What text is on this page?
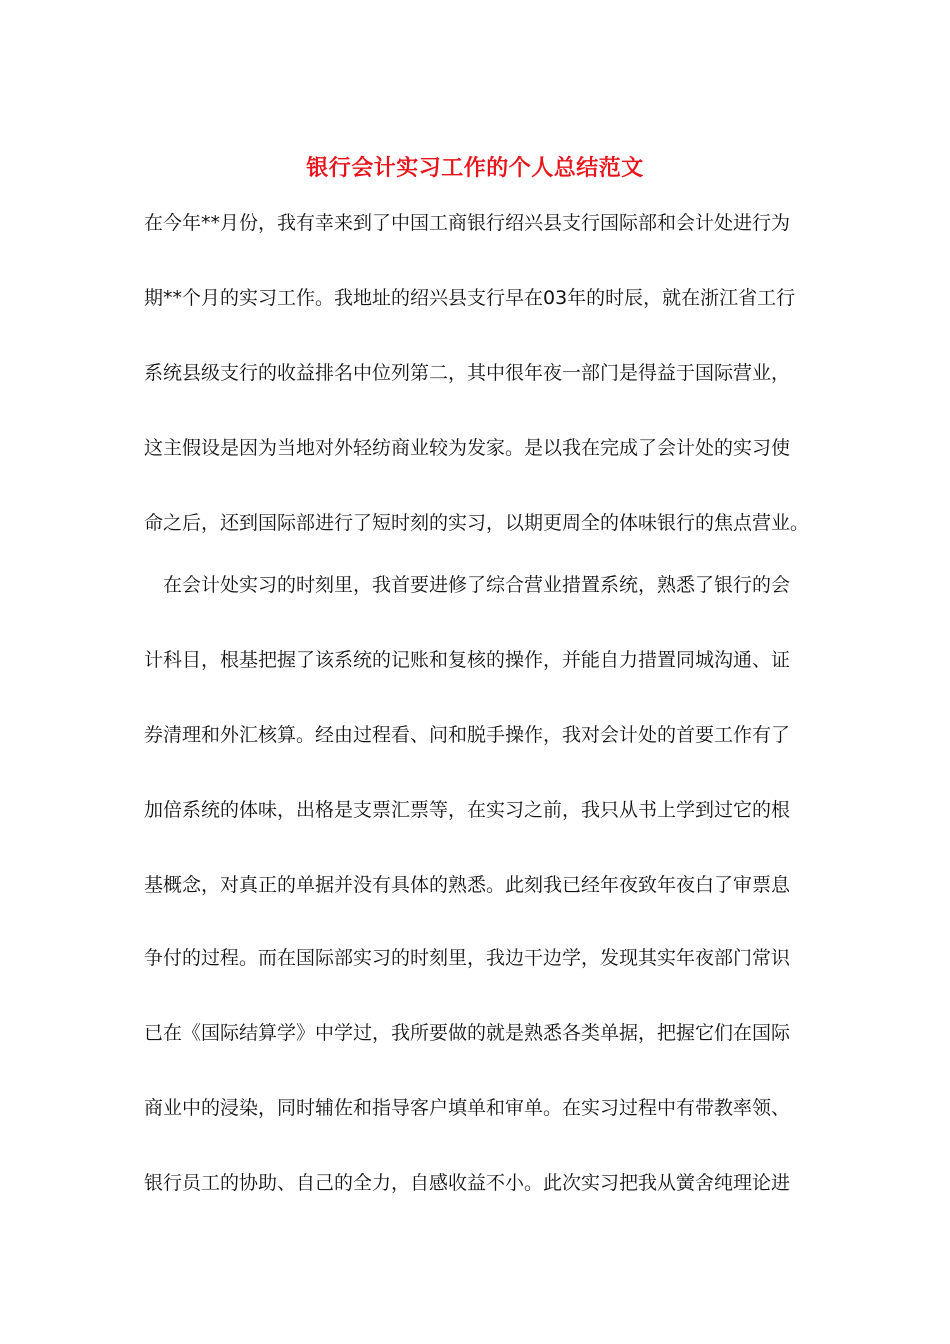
银行会计实习工作的个人总结范文
在今年**月份，我有幸来到了中国工商银行绍兴县支行国际部和会计处进行为
期**个月的实习工作。我地址的绍兴县支行早在03年的时辰，就在浙江省工行
系统县级支行的收益排名中位列第二，其中很年夜一部门是得益于国际营业，
这主假设是因为当地对外轻纺商业较为发家。是以我在完成了会计处的实习使
命之后，还到国际部进行了短时刻的实习，以期更周全的体味银行的焦点营业。
在会计处实习的时刻里，我首要进修了综合营业措置系统，熟悉了银行的会
计科目，根基把握了该系统的记账和复核的操作，并能自力措置同城沟通、证
券清理和外汇核算。经由过程看、问和脱手操作，我对会计处的首要工作有了
加倍系统的体味，出格是支票汇票等，在实习之前，我只从书上学到过它的根
基概念，对真正的单据并没有具体的熟悉。此刻我已经年夜致年夜白了审票息
争付的过程。而在国际部实习的时刻里，我边干边学，发现其实年夜部门常识
已在《国际结算学》中学过，我所要做的就是熟悉各类单据，把握它们在国际
商业中的浸染，同时辅佐和指导客户填单和审单。在实习过程中有带教率领、
银行员工的协助、自己的全力，自感收益不小。此次实习把我从黉舍纯理论进
